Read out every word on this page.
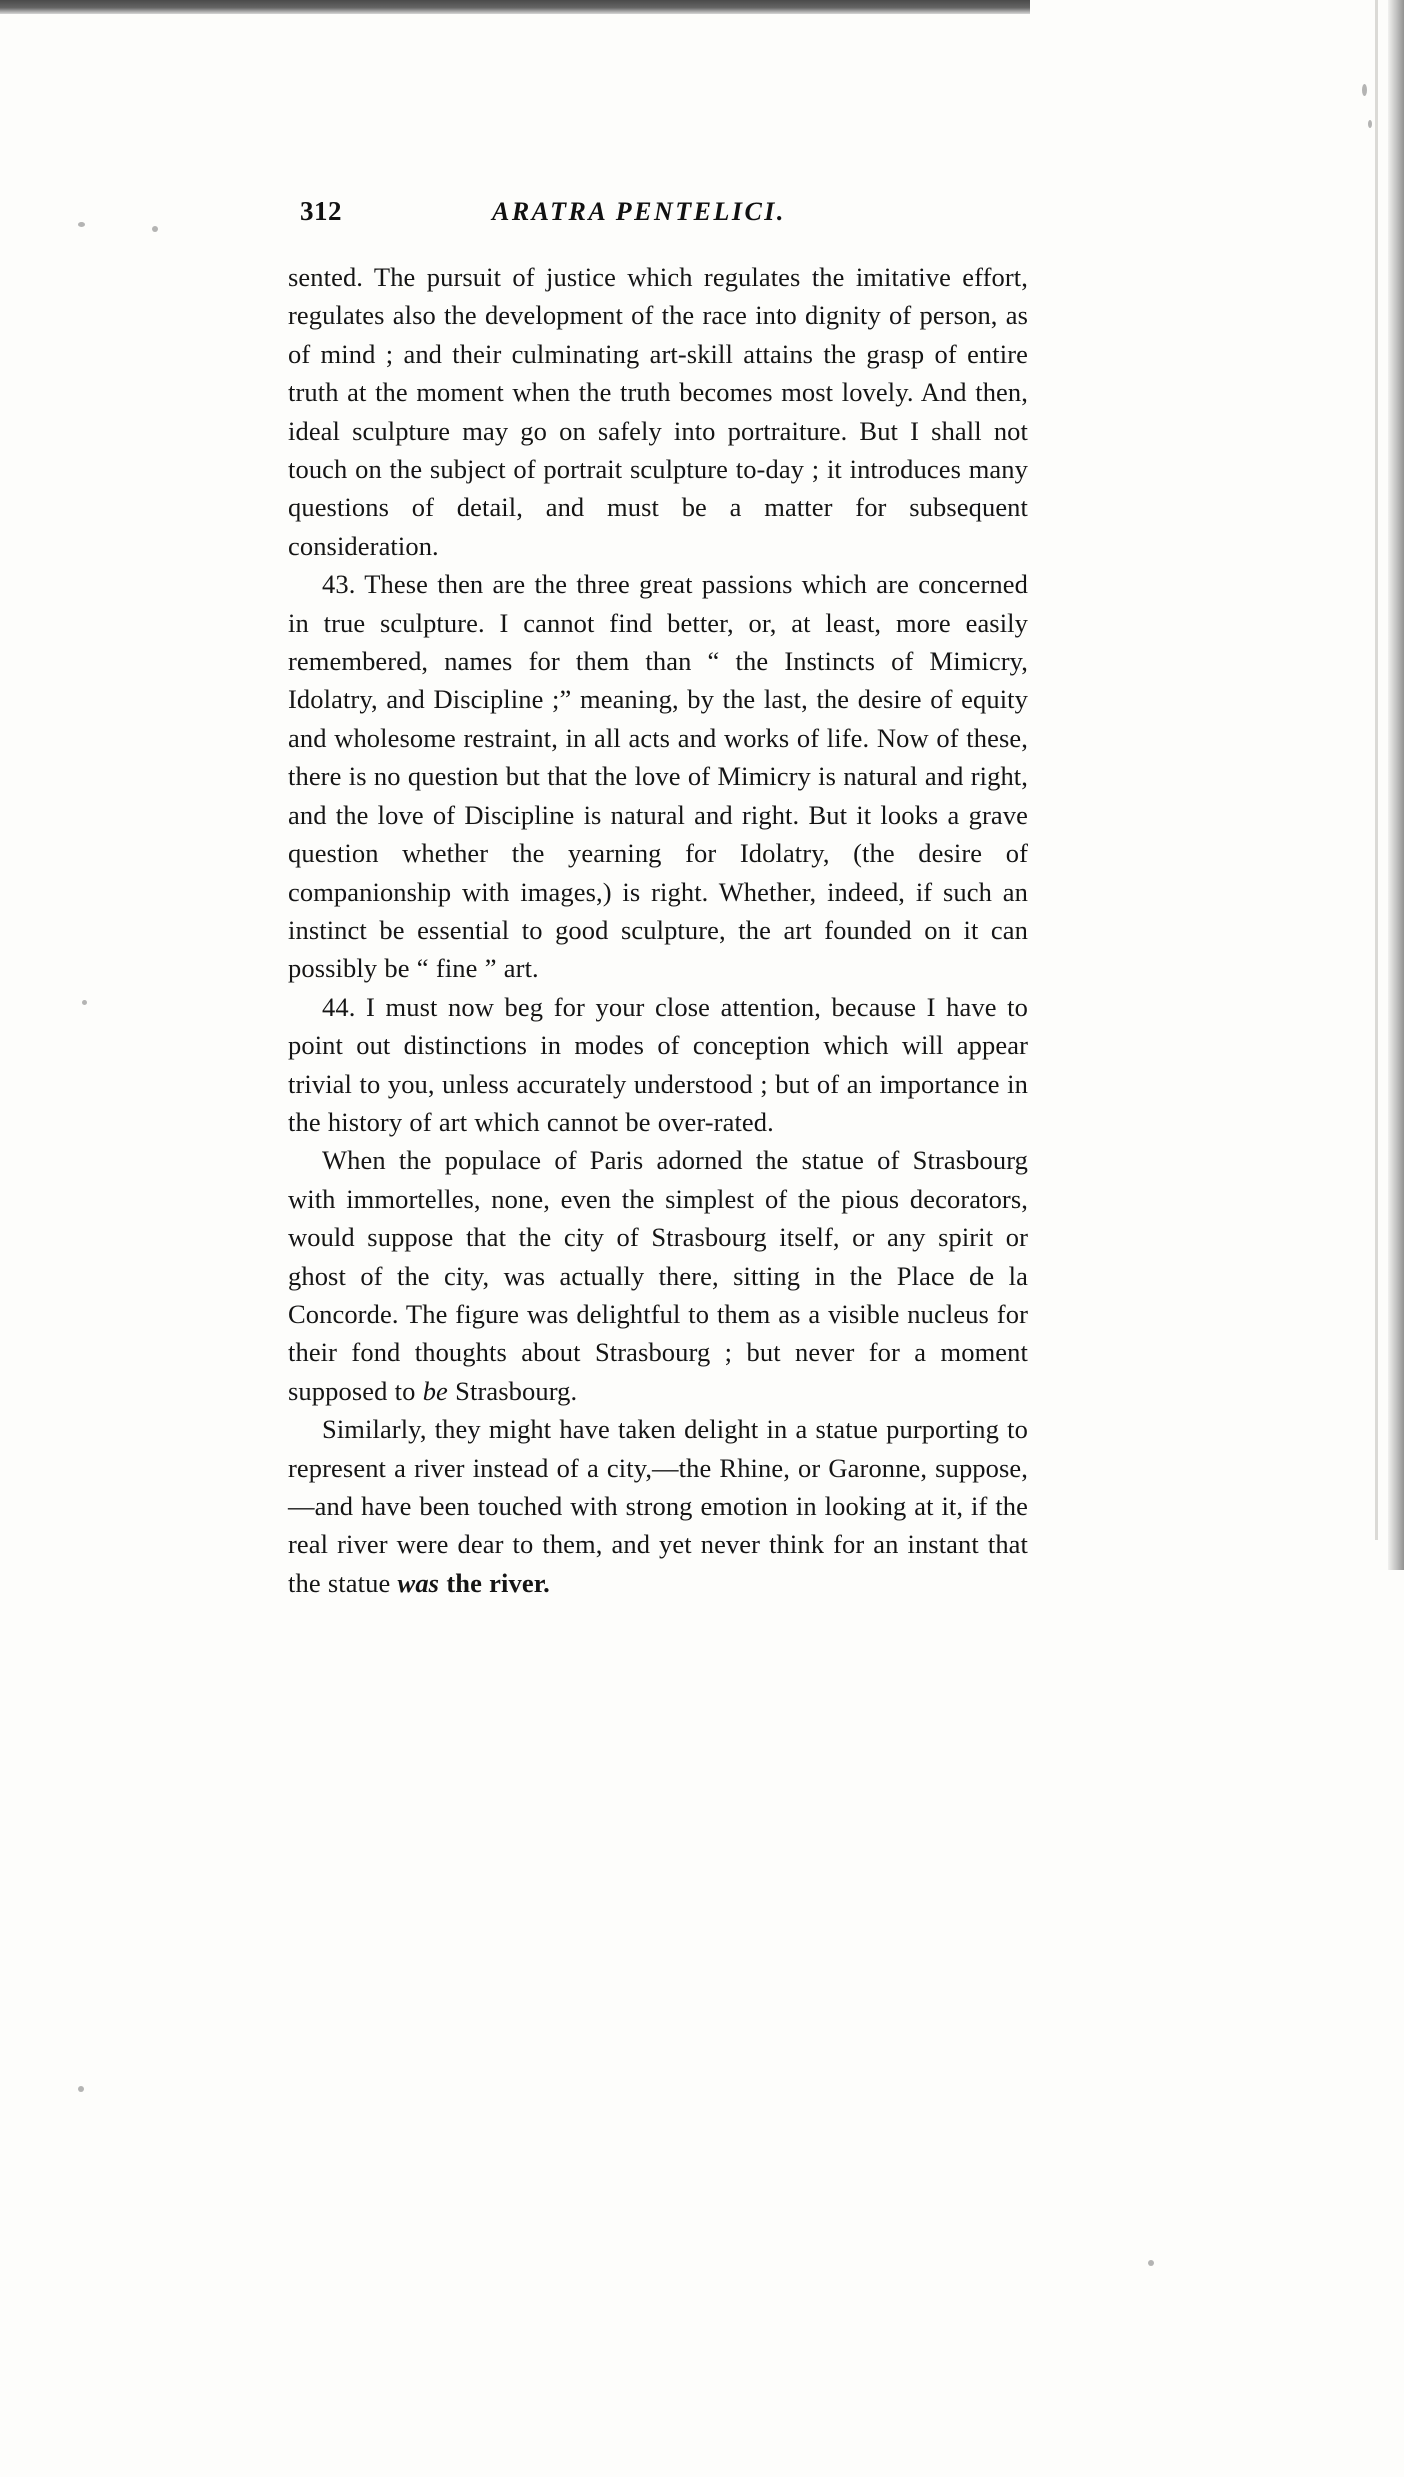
312	ARATRA PENTELICI.

sented. The pursuit of justice which regulates the imitative effort, regulates also the development of the race into dignity of person, as of mind ; and their culminating art-skill attains the grasp of entire truth at the moment when the truth becomes most lovely. And then, ideal sculpture may go on safely into portraiture. But I shall not touch on the subject of portrait sculpture to-day ; it introduces many questions of detail, and must be a matter for subsequent consideration.

43. These then are the three great passions which are concerned in true sculpture. I cannot find better, or, at least, more easily remembered, names for them than “ the Instincts of Mimicry, Idolatry, and Discipline ;” meaning, by the last, the desire of equity and wholesome restraint, in all acts and works of life. Now of these, there is no question but that the love of Mimicry is natural and right, and the love of Discipline is natural and right. But it looks a grave question whether the yearning for Idolatry, (the desire of companionship with images,) is right. Whether, indeed, if such an instinct be essential to good sculpture, the art founded on it can possibly be “ fine ” art.

44. I must now beg for your close attention, because I have to point out distinctions in modes of conception which will appear trivial to you, unless accurately understood ; but of an importance in the history of art which cannot be over-rated.

When the populace of Paris adorned the statue of Strasbourg with immortelles, none, even the simplest of the pious decorators, would suppose that the city of Strasbourg itself, or any spirit or ghost of the city, was actually there, sitting in the Place de la Concorde. The figure was delightful to them as a visible nucleus for their fond thoughts about Strasbourg ; but never for a moment supposed to be Strasbourg.

Similarly, they might have taken delight in a statue purporting to represent a river instead of a city,—the Rhine, or Garonne, suppose,—and have been touched with strong emotion in looking at it, if the real river were dear to them, and yet never think for an instant that the statue was the river.
